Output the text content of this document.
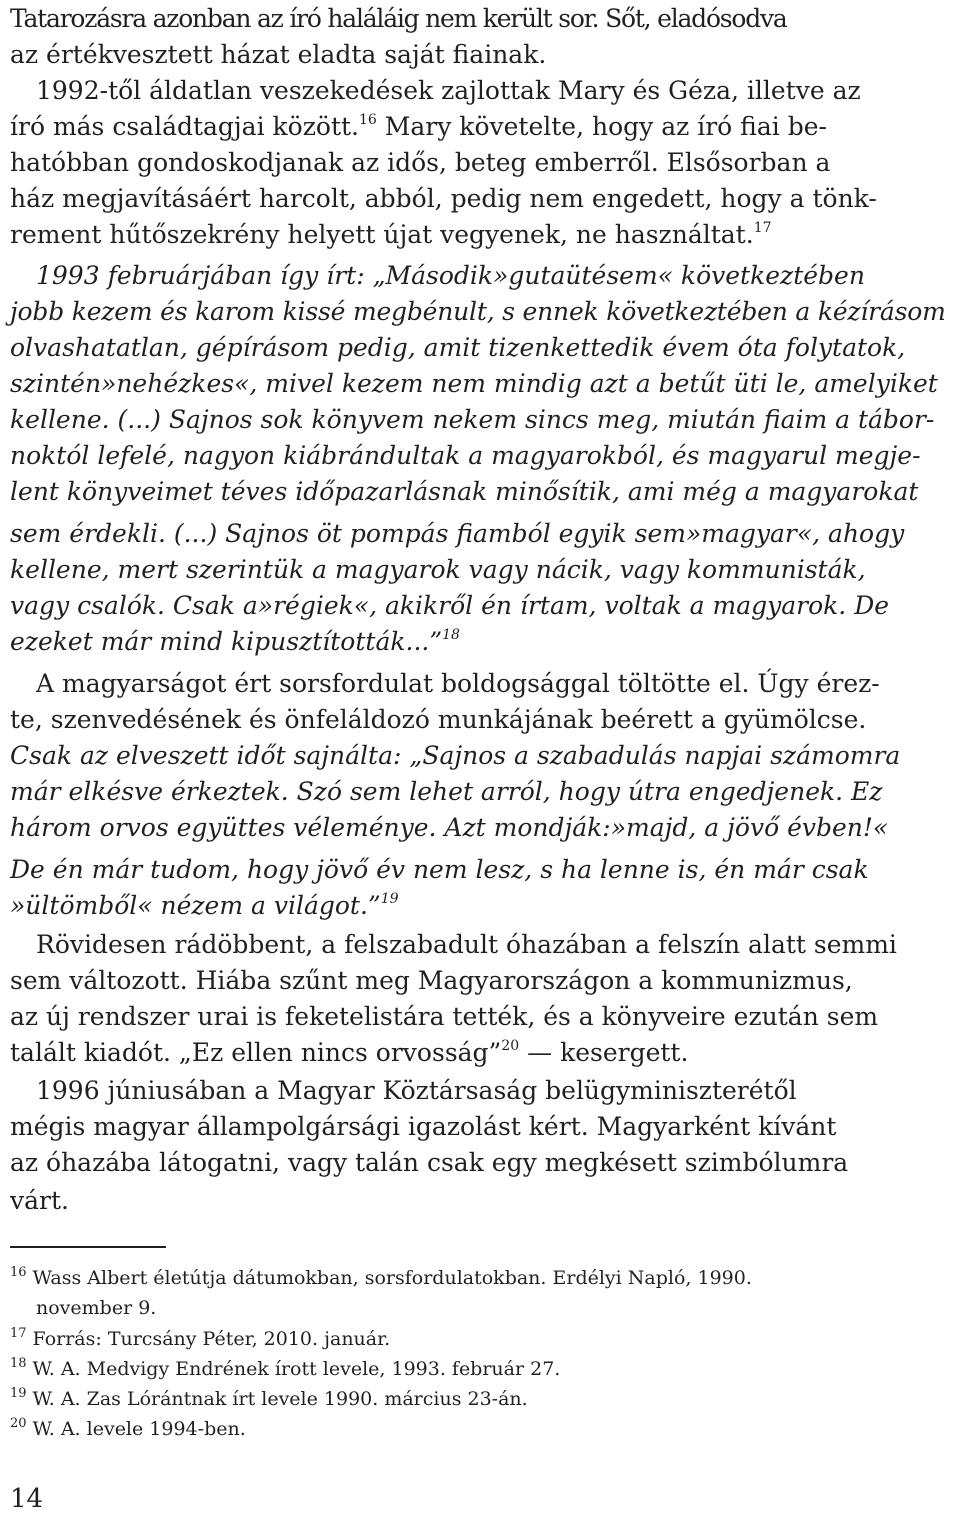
Tatarozásra azonban az író haláláig nem került sor. Sőt, eladósodva
az értékvesztett házat eladta saját fiainak.
1992-től áldatlan veszekedések zajlottak Mary és Géza, illetve az
író más családtagjai között.$^{16}$ Mary követelte, hogy az író fiai be-
hatóbban gondoskodjanak az idős, beteg emberről. Elsősorban a
ház megjavításáért harcolt, abból, pedig nem engedett, hogy a tönk-
rement hűtőszekrény helyett újat vegyenek, ne használtat.$^{17}$
1993 februárjában így írt: „Második»gutaütésem« következtében
jobb kezem és karom kissé megbénult, s ennek következtében a kézírásom
olvashatatlan, gépírásom pedig, amit tizenkettedik évem óta folytatok,
szintén»nehézkes«, mivel kezem nem mindig azt a betűt üti le, amelyiket
kellene. (...) Sajnos sok könyvem nekem sincs meg, miután fiaim a tábor-
noktól lefelé, nagyon kiábrándultak a magyarokból, és magyarul megje-
lent könyveimet téves időpazarlásnak minősítik, ami még a magyarokat
sem érdekli. (...) Sajnos öt pompás fiamból egyik sem»magyar«, ahogy
kellene, mert szerintük a magyarok vagy nácik, vagy kommunisták,
vagy csalók. Csak a»régiek«, akikről én írtam, voltak a magyarok. De
ezeket már mind kipusztították...”$^{18}$
A magyarságot ért sorsfordulat boldogsággal töltötte el. Úgy érez-
te, szenvedésének és önfeláldozó munkájának beérett a gyümölcse.
Csak az elveszett időt sajnálta: „Sajnos a szabadulás napjai számomra
már elkésve érkeztek. Szó sem lehet arról, hogy útra engedjenek. Ez
három orvos együttes véleménye. Azt mondják:»majd, a jövő évben!«
De én már tudom, hogy jövő év nem lesz, s ha lenne is, én már csak
»ültömből« nézem a világot.”$^{19}$
Rövidesen rádöbbent, a felszabadult óhazában a felszín alatt semmi
sem változott. Hiába szűnt meg Magyarországon a kommunizmus,
az új rendszer urai is feketelistára tették, és a könyveire ezután sem
talált kiadót. „Ez ellen nincs orvosság”$^{20}$ — kesergett.
1996 júniusában a Magyar Köztársaság belügyminiszterétől
mégis magyar állampolgársági igazolást kért. Magyarként kívánt
az óhazába látogatni, vagy talán csak egy megkésett szimbólumra
várt.
$^{16}$ Wass Albert életútja dátumokban, sorsfordulatokban. Erdélyi Napló, 1990.
november 9.
$^{17}$ Forrás: Turcsány Péter, 2010. január.
$^{18}$ W. A. Medvigy Endrének írott levele, 1993. február 27.
$^{19}$ W. A. Zas Lórántnak írt levele 1990. március 23-án.
$^{20}$ W. A. levele 1994-ben.
14
